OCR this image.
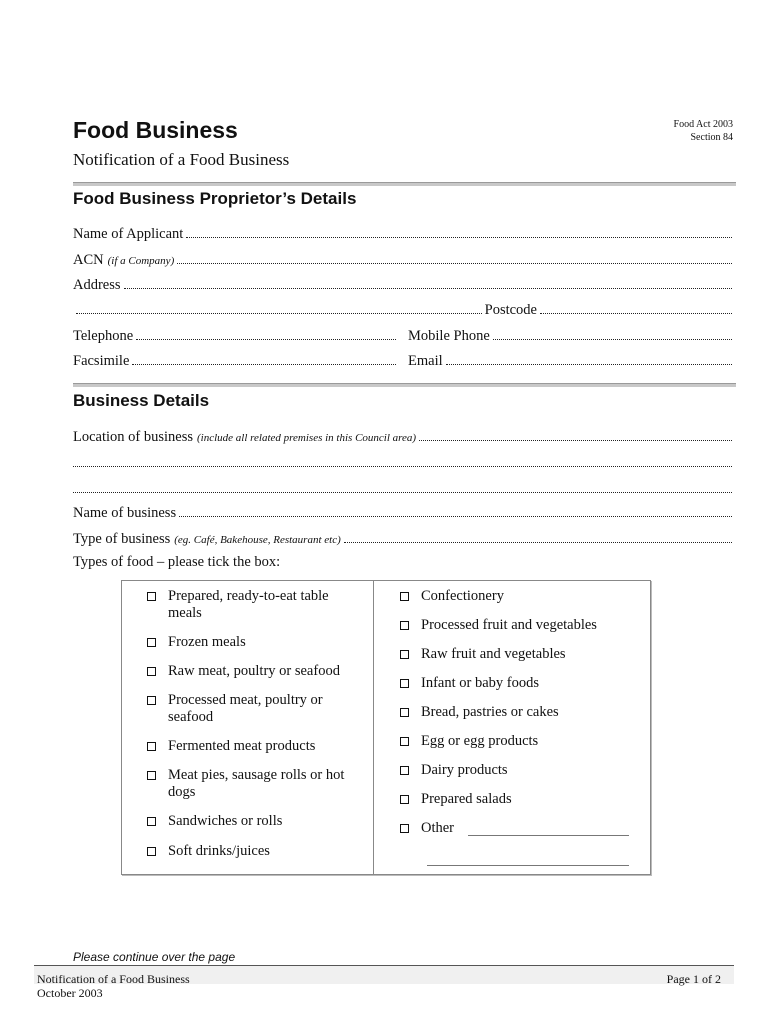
Food Business
Notification of a Food Business
Food Act 2003
Section 84
Food Business Proprietor’s Details
Name of Applicant
ACN (if a Company)
Address
Postcode
Telephone	Mobile Phone
Facsimile	Email
Business Details
Location of business (include all related premises in this Council area)
Name of business
Type of business (eg. Café, Bakehouse, Restaurant etc)
Types of food – please tick the box:
Prepared, ready-to-eat table meals
Frozen meals
Raw meat, poultry or seafood
Processed meat, poultry or seafood
Fermented meat products
Meat pies, sausage rolls or hot dogs
Sandwiches or rolls
Soft drinks/juices
Confectionery
Processed fruit and vegetables
Raw fruit and vegetables
Infant or baby foods
Bread, pastries or cakes
Egg or egg products
Dairy products
Prepared salads
Other
Please continue over the page
Notification of a Food Business
October 2003
Page 1 of 2
